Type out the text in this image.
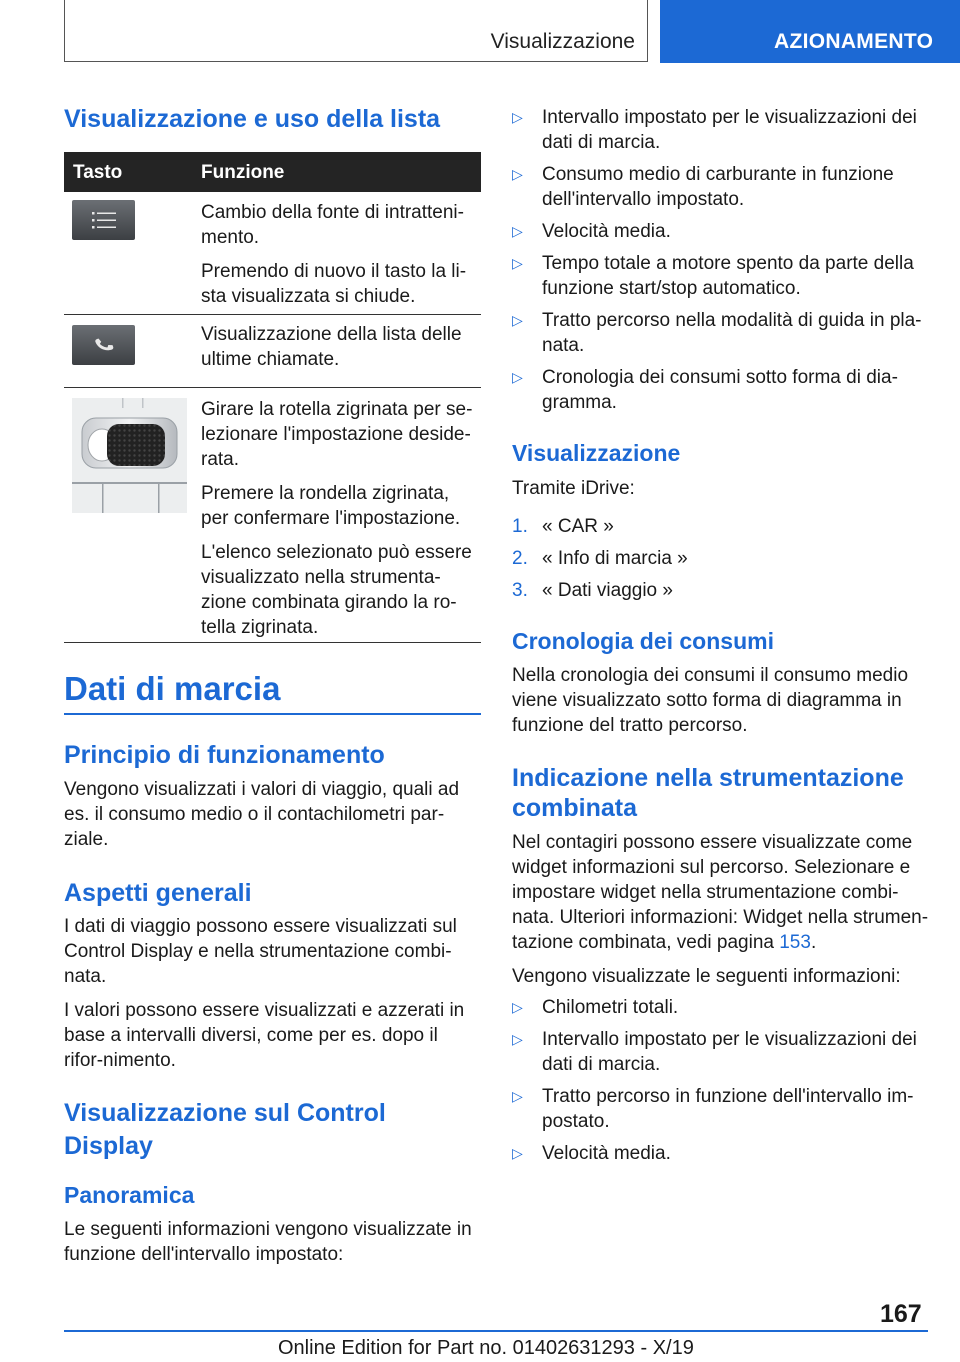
Visualizzazione	AZIONAMENTO
Visualizzazione e uso della lista
Tasto	Funzione

Cambio della fonte di intratteni-mento.

Premendo di nuovo il tasto la li-sta visualizzata si chiude.

Visualizzazione della lista delle ultime chiamate.

Girare la rotella zigrinata per se-lezionare l'impostazione deside-rata.

Premere la rondella zigrinata, per confermare l'impostazione.

L'elenco selezionato può essere visualizzato nella strumenta-zione combinata girando la ro-tella zigrinata.

Dati di marcia
Principio di funzionamento

Vengono visualizzati i valori di viaggio, quali ad es. il consumo medio o il contachilometri par-ziale.

Aspetti generali

I dati di viaggio possono essere visualizzati sul Control Display e nella strumentazione combi-nata.

I valori possono essere visualizzati e azzerati in base a intervalli diversi, come per es. dopo il rifor-nimento.

Visualizzazione sul Control Display
Panoramica

Le seguenti informazioni vengono visualizzate in funzione dell'intervallo impostato:

▷ Intervallo impostato per le visualizzazioni dei dati di marcia.
▷ Consumo medio di carburante in funzione dell'intervallo impostato.
▷ Velocità media.
▷ Tempo totale a motore spento da parte della funzione start/stop automatico.
▷ Tratto percorso nella modalità di guida in pla-nata.
▷ Cronologia dei consumi sotto forma di dia-gramma.
Visualizzazione

Tramite iDrive:

1. « CAR »
2. « Info di marcia »
3. « Dati viaggio »
Cronologia dei consumi

Nella cronologia dei consumi il consumo medio viene visualizzato sotto forma di diagramma in funzione del tratto percorso.

Indicazione nella strumentazione combinata

Nel contagiri possono essere visualizzate come widget informazioni sul percorso. Selezionare e impostare widget nella strumentazione combi-nata. Ulteriori informazioni: Widget nella strumen-tazione combinata, vedi pagina 153.

Vengono visualizzate le seguenti informazioni:

▷ Chilometri totali.
▷ Intervallo impostato per le visualizzazioni dei dati di marcia.
▷ Tratto percorso in funzione dell'intervallo im-postato.
▷ Velocità media.
167
Online Edition for Part no. 01402631293 - X/19
